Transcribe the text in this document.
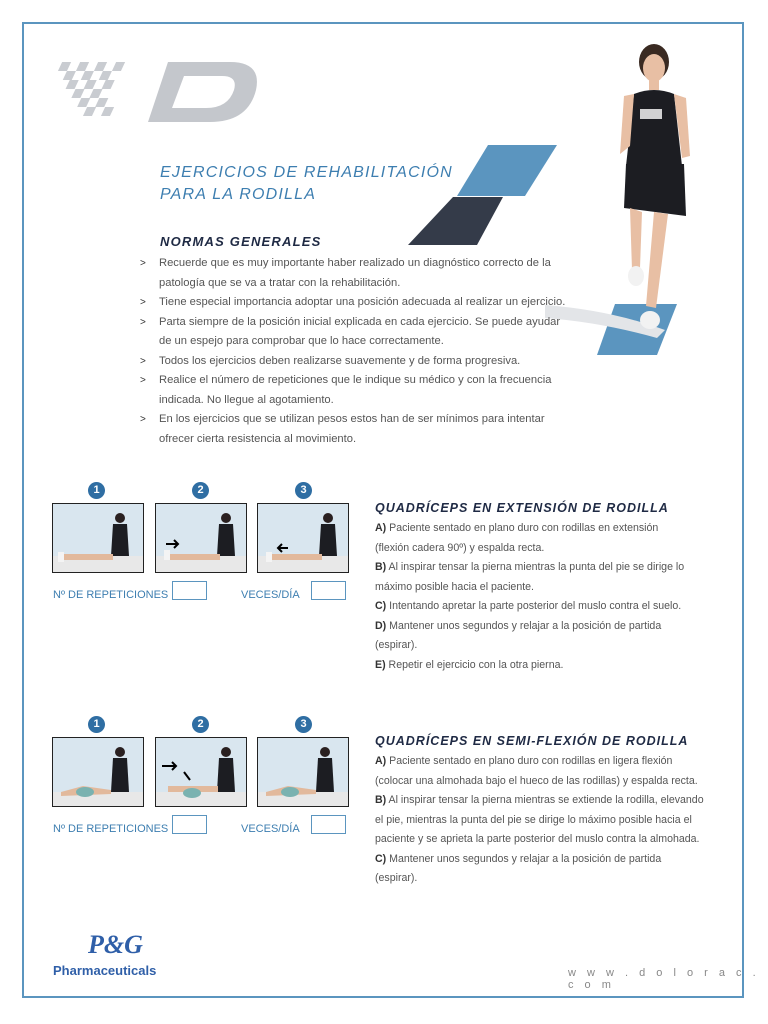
EJERCICIOS DE REHABILITACIÓN
PARA LA RODILLA
NORMAS GENERALES
> Recuerde que es muy importante haber realizado un diagnóstico correcto de la
patología que se va a tratar con la rehabilitación.
> Tiene especial importancia adoptar una posición adecuada al realizar un ejercicio.
> Parta siempre de la posición inicial explicada en cada ejercicio. Se puede ayudar
de un espejo para comprobar que lo hace correctamente.
> Todos los ejercicios deben realizarse suavemente y de forma progresiva.
> Realice el número de repeticiones que le indique su médico y con la frecuencia
indicada. No llegue al agotamiento.
> En los ejercicios que se utilizan pesos estos han de ser mínimos para intentar
ofrecer cierta resistencia al movimiento.
1	2	3
Nº DE REPETICIONES	VECES/DÍA
QUADRÍCEPS EN EXTENSIÓN DE RODILLA
A) Paciente sentado en plano duro con rodillas en extensión
(flexión cadera 90º) y espalda recta.
B) Al inspirar tensar la pierna mientras la punta del pie se dirige lo
máximo posible hacia el paciente.
C) Intentando apretar la parte posterior del muslo contra el suelo.
D) Mantener unos segundos y relajar a la posición de partida
(espirar).
E) Repetir el ejercicio con la otra pierna.
1	2	3
Nº DE REPETICIONES	VECES/DÍA
QUADRÍCEPS EN SEMI-FLEXIÓN DE RODILLA
A) Paciente sentado en plano duro con rodillas en ligera flexión
(colocar una almohada bajo el hueco de las rodillas) y espalda recta.
B) Al inspirar tensar la pierna mientras se extiende la rodilla, elevando
el pie, mientras la punta del pie se dirige lo máximo posible hacia el
paciente y se aprieta la parte posterior del muslo contra la almohada.
C) Mantener unos segundos y relajar a la posición de partida
(espirar).
P&G
Pharmaceuticals	w w w . d o l o r a c . c o m
